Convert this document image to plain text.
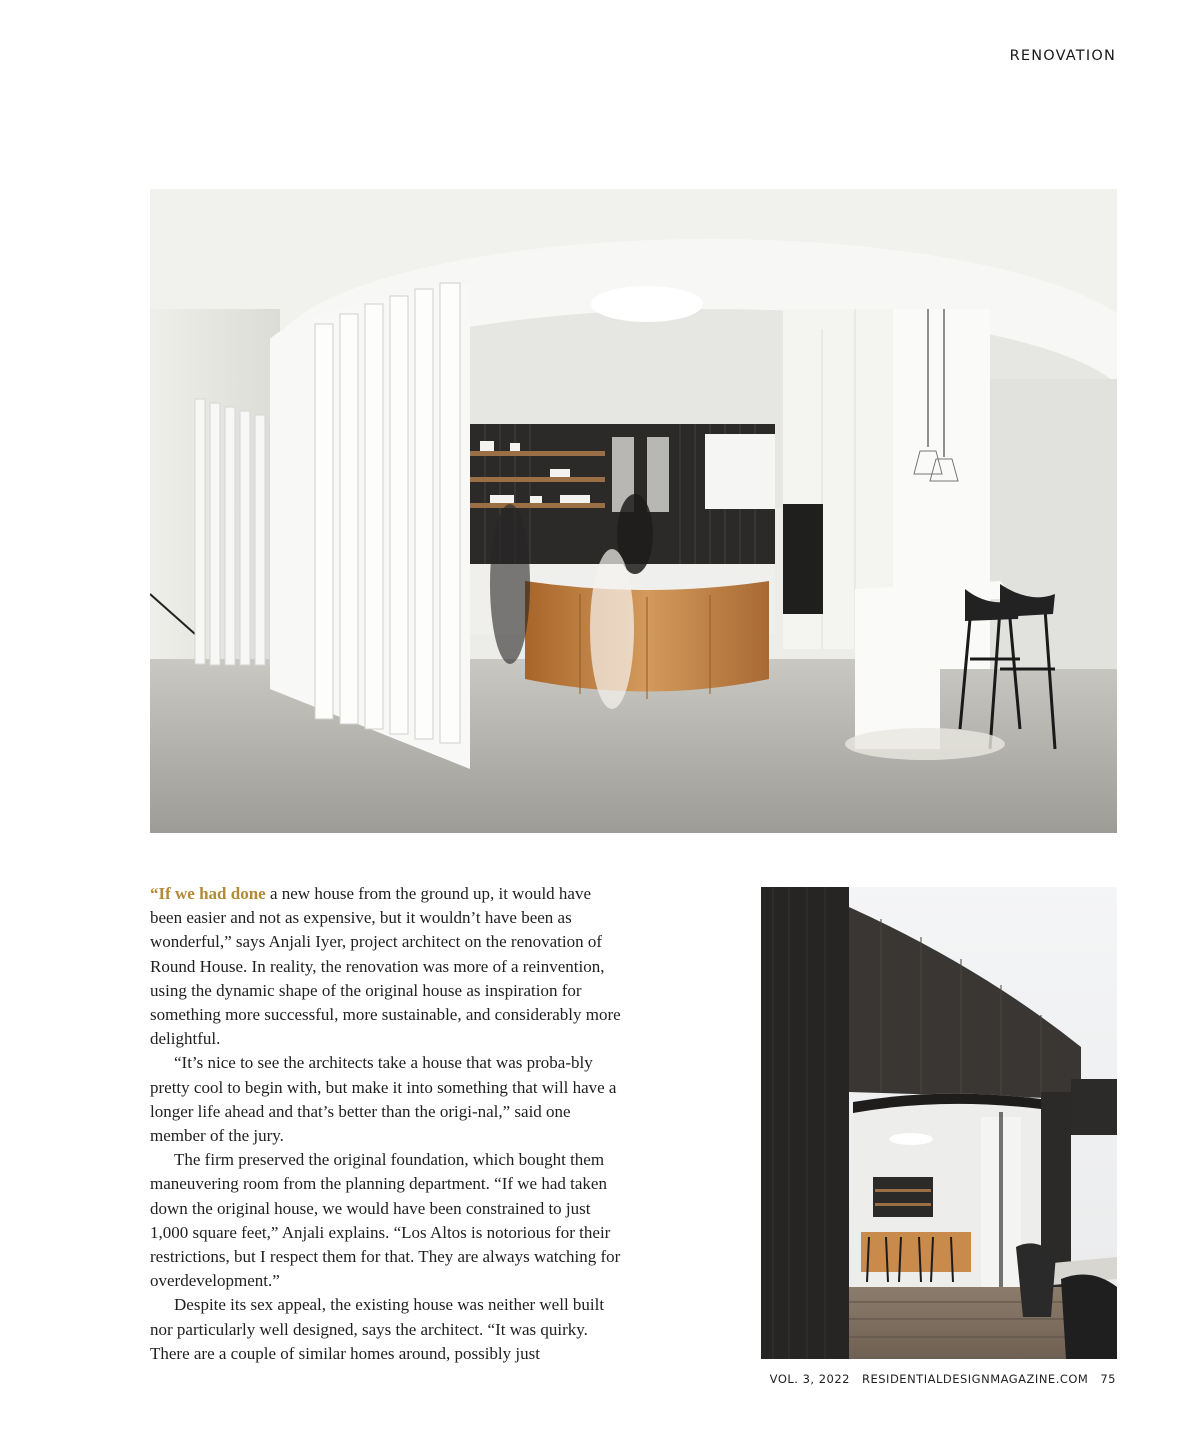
RENOVATION

“If we had done a new house from the ground up, it would have been easier and not as expensive, but it wouldn’t have been as wonderful,” says Anjali Iyer, project architect on the renovation of Round House. In reality, the renovation was more of a reinvention, using the dynamic shape of the original house as inspiration for something more successful, more sustainable, and considerably more delightful.

“It’s nice to see the architects take a house that was proba-bly pretty cool to begin with, but make it into something that will have a longer life ahead and that’s better than the origi-nal,” said one member of the jury.

The firm preserved the original foundation, which bought them maneuvering room from the planning department. “If we had taken down the original house, we would have been constrained to just 1,000 square feet,” Anjali explains. “Los Altos is notorious for their restrictions, but I respect them for that. They are always watching for overdevelopment.”

Despite its sex appeal, the existing house was neither well built nor particularly well designed, says the architect. “It was quirky. There are a couple of similar homes around, possibly just

VOL. 3, 2022 RESIDENTIALDESIGNMAGAZINE.COM 75
